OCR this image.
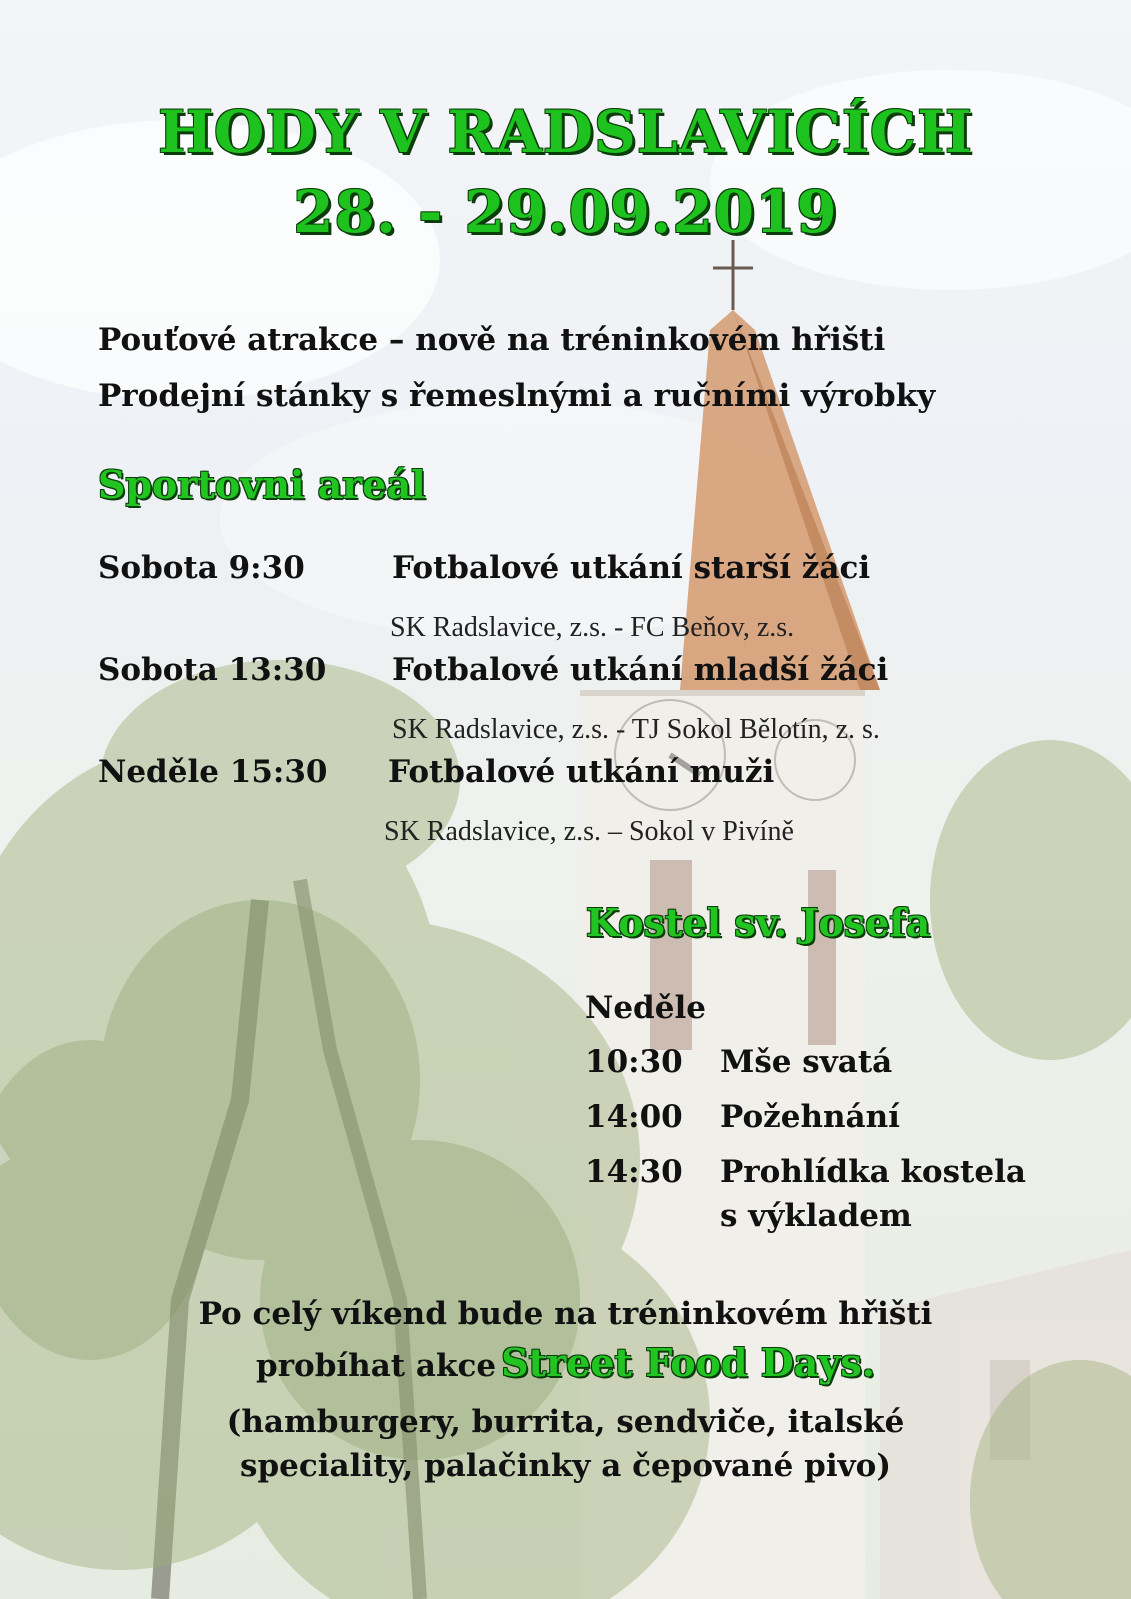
HODY V RADSLAVICÍCH
28. - 29.09.2019
Pouťové atrakce – nově na tréninkovém hřišti
Prodejní stánky s řemeslnými a ručními výrobky
Sportovni areál
Sobota 9:30	Fotbalové utkání starší žáci
SK Radslavice, z.s. - FC Beňov, z.s.
Sobota 13:30 Fotbalové utkání mladší žáci
SK Radslavice, z.s. - TJ Sokol Bělotín, z. s.
Neděle 15:30 Fotbalové utkání muži
SK Radslavice, z.s. – Sokol v Pivíně
Kostel sv. Josefa
Neděle
10:30 Mše svatá
14:00 Požehnání
14:30 Prohlídka kostela
s výkladem
Po celý víkend bude na tréninkovém hřišti
probíhat akce Street Food Days.
(hamburgery, burrita, sendviče, italské
speciality, palačinky a čepované pivo)
